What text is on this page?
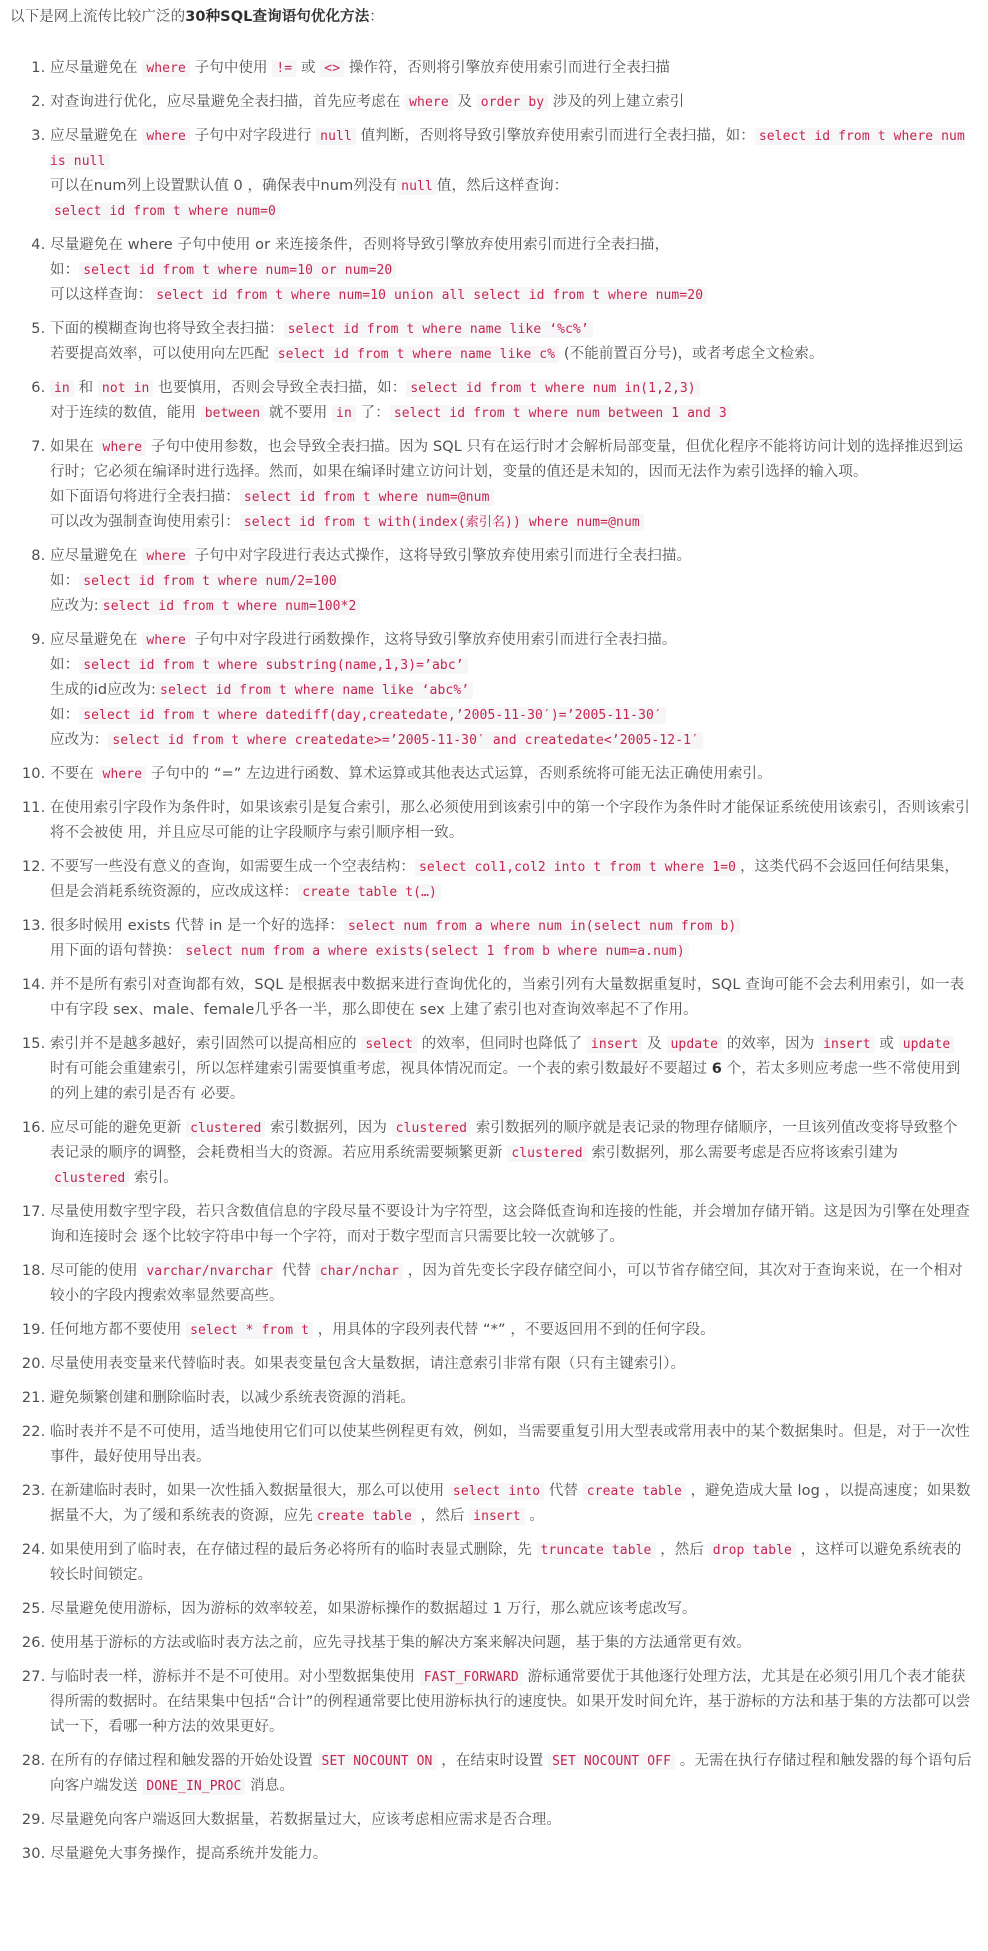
以下是网上流传比较广泛的30种SQL查询语句优化方法：

1. 应尽量避免在 where 子句中使用 != 或 <> 操作符，否则将引擎放弃使用索引而进行全表扫描
2. 对查询进行优化，应尽量避免全表扫描，首先应考虑在 where 及 order by 涉及的列上建立索引
3. 应尽量避免在 where 子句中对字段进行 null 值判断，否则将导致引擎放弃使用索引而进行全表扫描，如： select id from t where num is null
可以在num列上设置默认值 0 ，确保表中num列没有 null 值，然后这样查询：
select id from t where num=0
4. 尽量避免在 where 子句中使用 or 来连接条件，否则将导致引擎放弃使用索引而进行全表扫描，
如： select id from t where num=10 or num=20
可以这样查询： select id from t where num=10 union all select id from t where num=20
5. 下面的模糊查询也将导致全表扫描： select id from t where name like ‘%c%’
若要提高效率，可以使用向左匹配 select id from t where name like c% (不能前置百分号)，或者考虑全文检索。
6. in 和 not in 也要慎用，否则会导致全表扫描，如： select id from t where num in(1,2,3)
对于连续的数值，能用 between 就不要用 in 了： select id from t where num between 1 and 3
7. 如果在 where 子句中使用参数，也会导致全表扫描。因为 SQL 只有在运行时才会解析局部变量，但优化程序不能将访问计划的选择推迟到运行时；它必须在编译时进行选择。然而，如果在编译时建立访问计划，变量的值还是未知的，因而无法作为索引选择的输入项。
如下面语句将进行全表扫描： select id from t where num=@num
可以改为强制查询使用索引： select id from t with(index(索引名)) where num=@num
8. 应尽量避免在 where 子句中对字段进行表达式操作，这将导致引擎放弃使用索引而进行全表扫描。
如： select id from t where num/2=100
应改为: select id from t where num=100*2
9. 应尽量避免在 where 子句中对字段进行函数操作，这将导致引擎放弃使用索引而进行全表扫描。
如： select id from t where substring(name,1,3)=’abc’
生成的id应改为: select id from t where name like ‘abc%’
如： select id from t where datediff(day,createdate,’2005-11-30′)=’2005-11-30′
应改为： select id from t where createdate>=’2005-11-30′ and createdate<’2005-12-1′
10. 不要在 where 子句中的 “=” 左边进行函数、算术运算或其他表达式运算，否则系统将可能无法正确使用索引。
11. 在使用索引字段作为条件时，如果该索引是复合索引，那么必须使用到该索引中的第一个字段作为条件时才能保证系统使用该索引，否则该索引将不会被使 用，并且应尽可能的让字段顺序与索引顺序相一致。
12. 不要写一些没有意义的查询，如需要生成一个空表结构： select col1,col2 into t from t where 1=0 ，这类代码不会返回任何结果集，但是会消耗系统资源的，应改成这样： create table t(…)
13. 很多时候用 exists 代替 in 是一个好的选择： select num from a where num in(select num from b)
用下面的语句替换： select num from a where exists(select 1 from b where num=a.num)
14. 并不是所有索引对查询都有效，SQL 是根据表中数据来进行查询优化的，当索引列有大量数据重复时，SQL 查询可能不会去利用索引，如一表中有字段 sex、male、female几乎各一半，那么即使在 sex 上建了索引也对查询效率起不了作用。
15. 索引并不是越多越好，索引固然可以提高相应的 select 的效率，但同时也降低了 insert 及 update 的效率，因为 insert 或 update 时有可能会重建索引，所以怎样建索引需要慎重考虑，视具体情况而定。一个表的索引数最好不要超过 6 个，若太多则应考虑一些不常使用到的列上建的索引是否有 必要。
16. 应尽可能的避免更新 clustered 索引数据列，因为 clustered 索引数据列的顺序就是表记录的物理存储顺序，一旦该列值改变将导致整个表记录的顺序的调整，会耗费相当大的资源。若应用系统需要频繁更新 clustered 索引数据列，那么需要考虑是否应将该索引建为 clustered 索引。
17. 尽量使用数字型字段，若只含数值信息的字段尽量不要设计为字符型，这会降低查询和连接的性能，并会增加存储开销。这是因为引擎在处理查询和连接时会 逐个比较字符串中每一个字符，而对于数字型而言只需要比较一次就够了。
18. 尽可能的使用 varchar/nvarchar 代替 char/nchar ，因为首先变长字段存储空间小，可以节省存储空间，其次对于查询来说，在一个相对较小的字段内搜索效率显然要高些。
19. 任何地方都不要使用 select * from t ，用具体的字段列表代替 “*” ，不要返回用不到的任何字段。
20. 尽量使用表变量来代替临时表。如果表变量包含大量数据，请注意索引非常有限（只有主键索引）。
21. 避免频繁创建和删除临时表，以减少系统表资源的消耗。
22. 临时表并不是不可使用，适当地使用它们可以使某些例程更有效，例如，当需要重复引用大型表或常用表中的某个数据集时。但是，对于一次性事件，最好使用导出表。
23. 在新建临时表时，如果一次性插入数据量很大，那么可以使用 select into 代替 create table ，避免造成大量 log ，以提高速度；如果数据量不大，为了缓和系统表的资源，应先 create table ，然后 insert 。
24. 如果使用到了临时表，在存储过程的最后务必将所有的临时表显式删除，先 truncate table ，然后 drop table ，这样可以避免系统表的较长时间锁定。
25. 尽量避免使用游标，因为游标的效率较差，如果游标操作的数据超过 1 万行，那么就应该考虑改写。
26. 使用基于游标的方法或临时表方法之前，应先寻找基于集的解决方案来解决问题，基于集的方法通常更有效。
27. 与临时表一样，游标并不是不可使用。对小型数据集使用 FAST_FORWARD 游标通常要优于其他逐行处理方法，尤其是在必须引用几个表才能获得所需的数据时。在结果集中包括“合计”的例程通常要比使用游标执行的速度快。如果开发时间允许，基于游标的方法和基于集的方法都可以尝试一下，看哪一种方法的效果更好。
28. 在所有的存储过程和触发器的开始处设置 SET NOCOUNT ON ，在结束时设置 SET NOCOUNT OFF 。无需在执行存储过程和触发器的每个语句后向客户端发送 DONE_IN_PROC 消息。
29. 尽量避免向客户端返回大数据量，若数据量过大，应该考虑相应需求是否合理。
30. 尽量避免大事务操作，提高系统并发能力。
